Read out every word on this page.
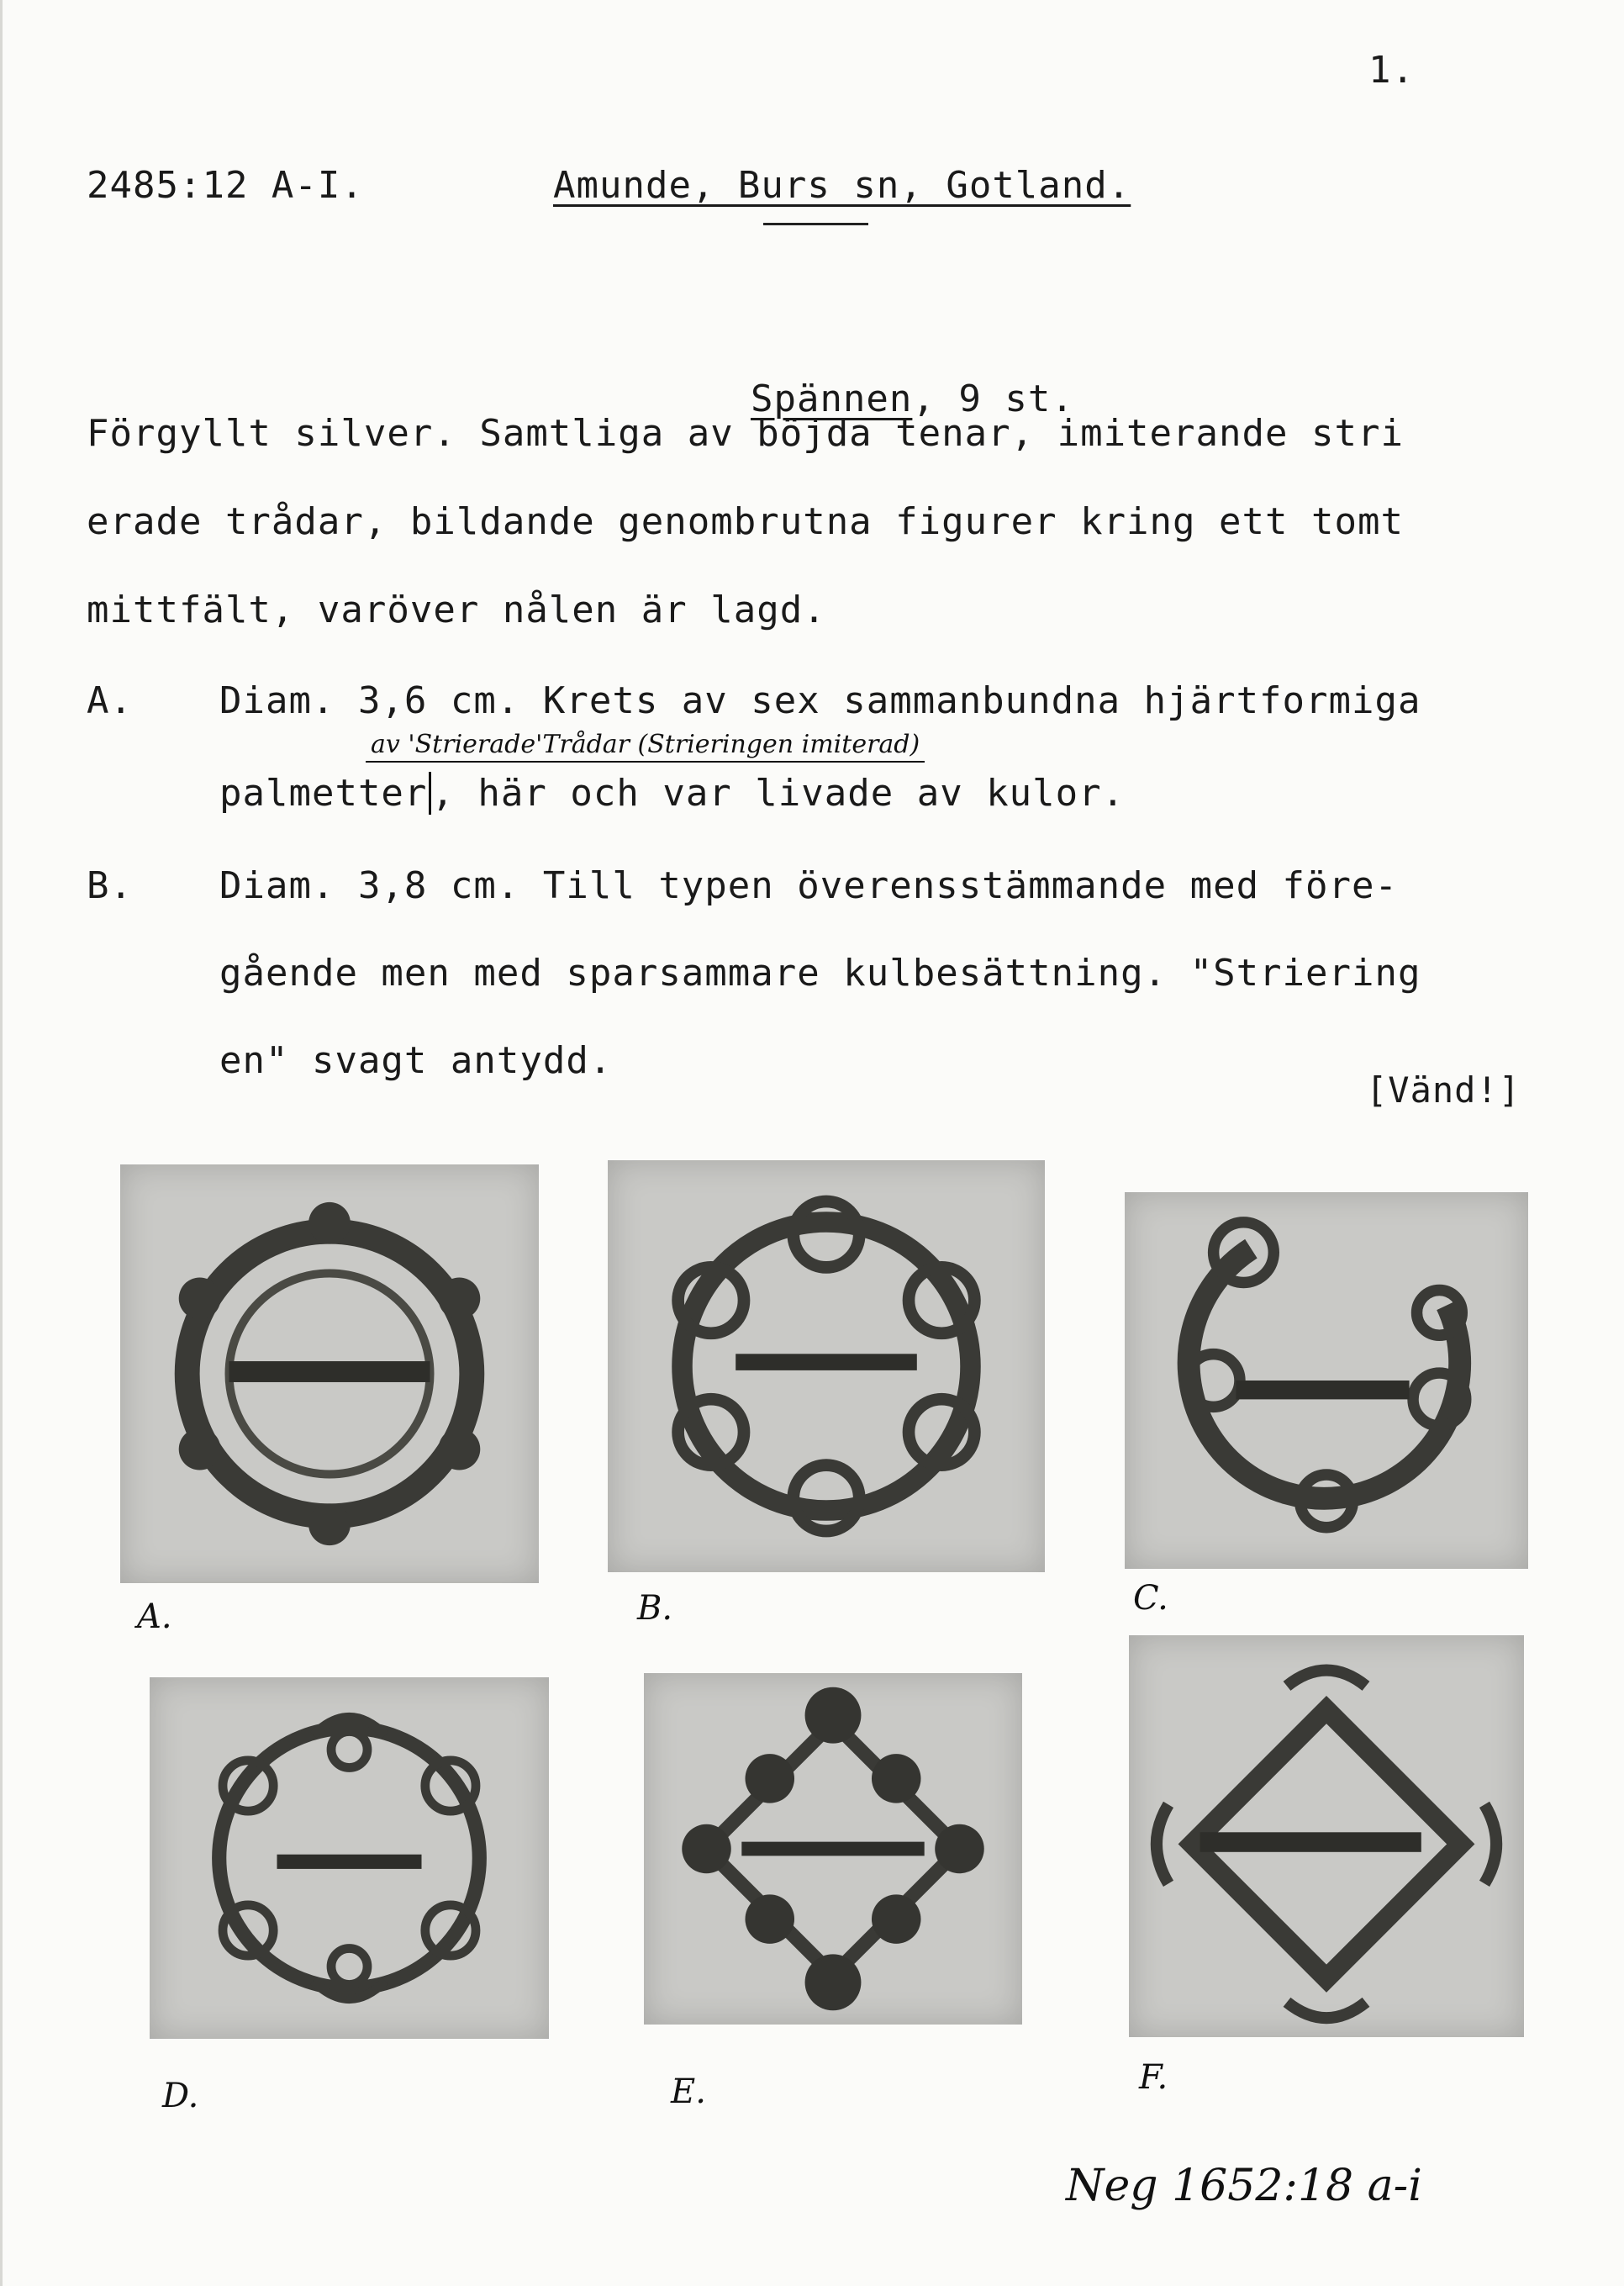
1.
2485:12 A-I.	Amunde, Burs sn, Gotland.

Spännen, 9 st.

Förgyllt silver. Samtliga av böjda tenar, imiterande stri
erade trådar, bildande genombrutna figurer kring ett tomt
mittfält, varöver nålen är lagd.
A. Diam. 3,6 cm. Krets av sex sammanbundna hjärtformiga
av 'Strierade'Trådar (Strieringen imiterad)
palmetter , här och var livade av kulor.
B. Diam. 3,8 cm. Till typen överensstämmande med före-
gående men med sparsammare kulbesättning. "Striering
en" svagt antydd.
[Vänd!]
A.	B.	C.
D.	E.	F.
Neg 1652:18 a-i
